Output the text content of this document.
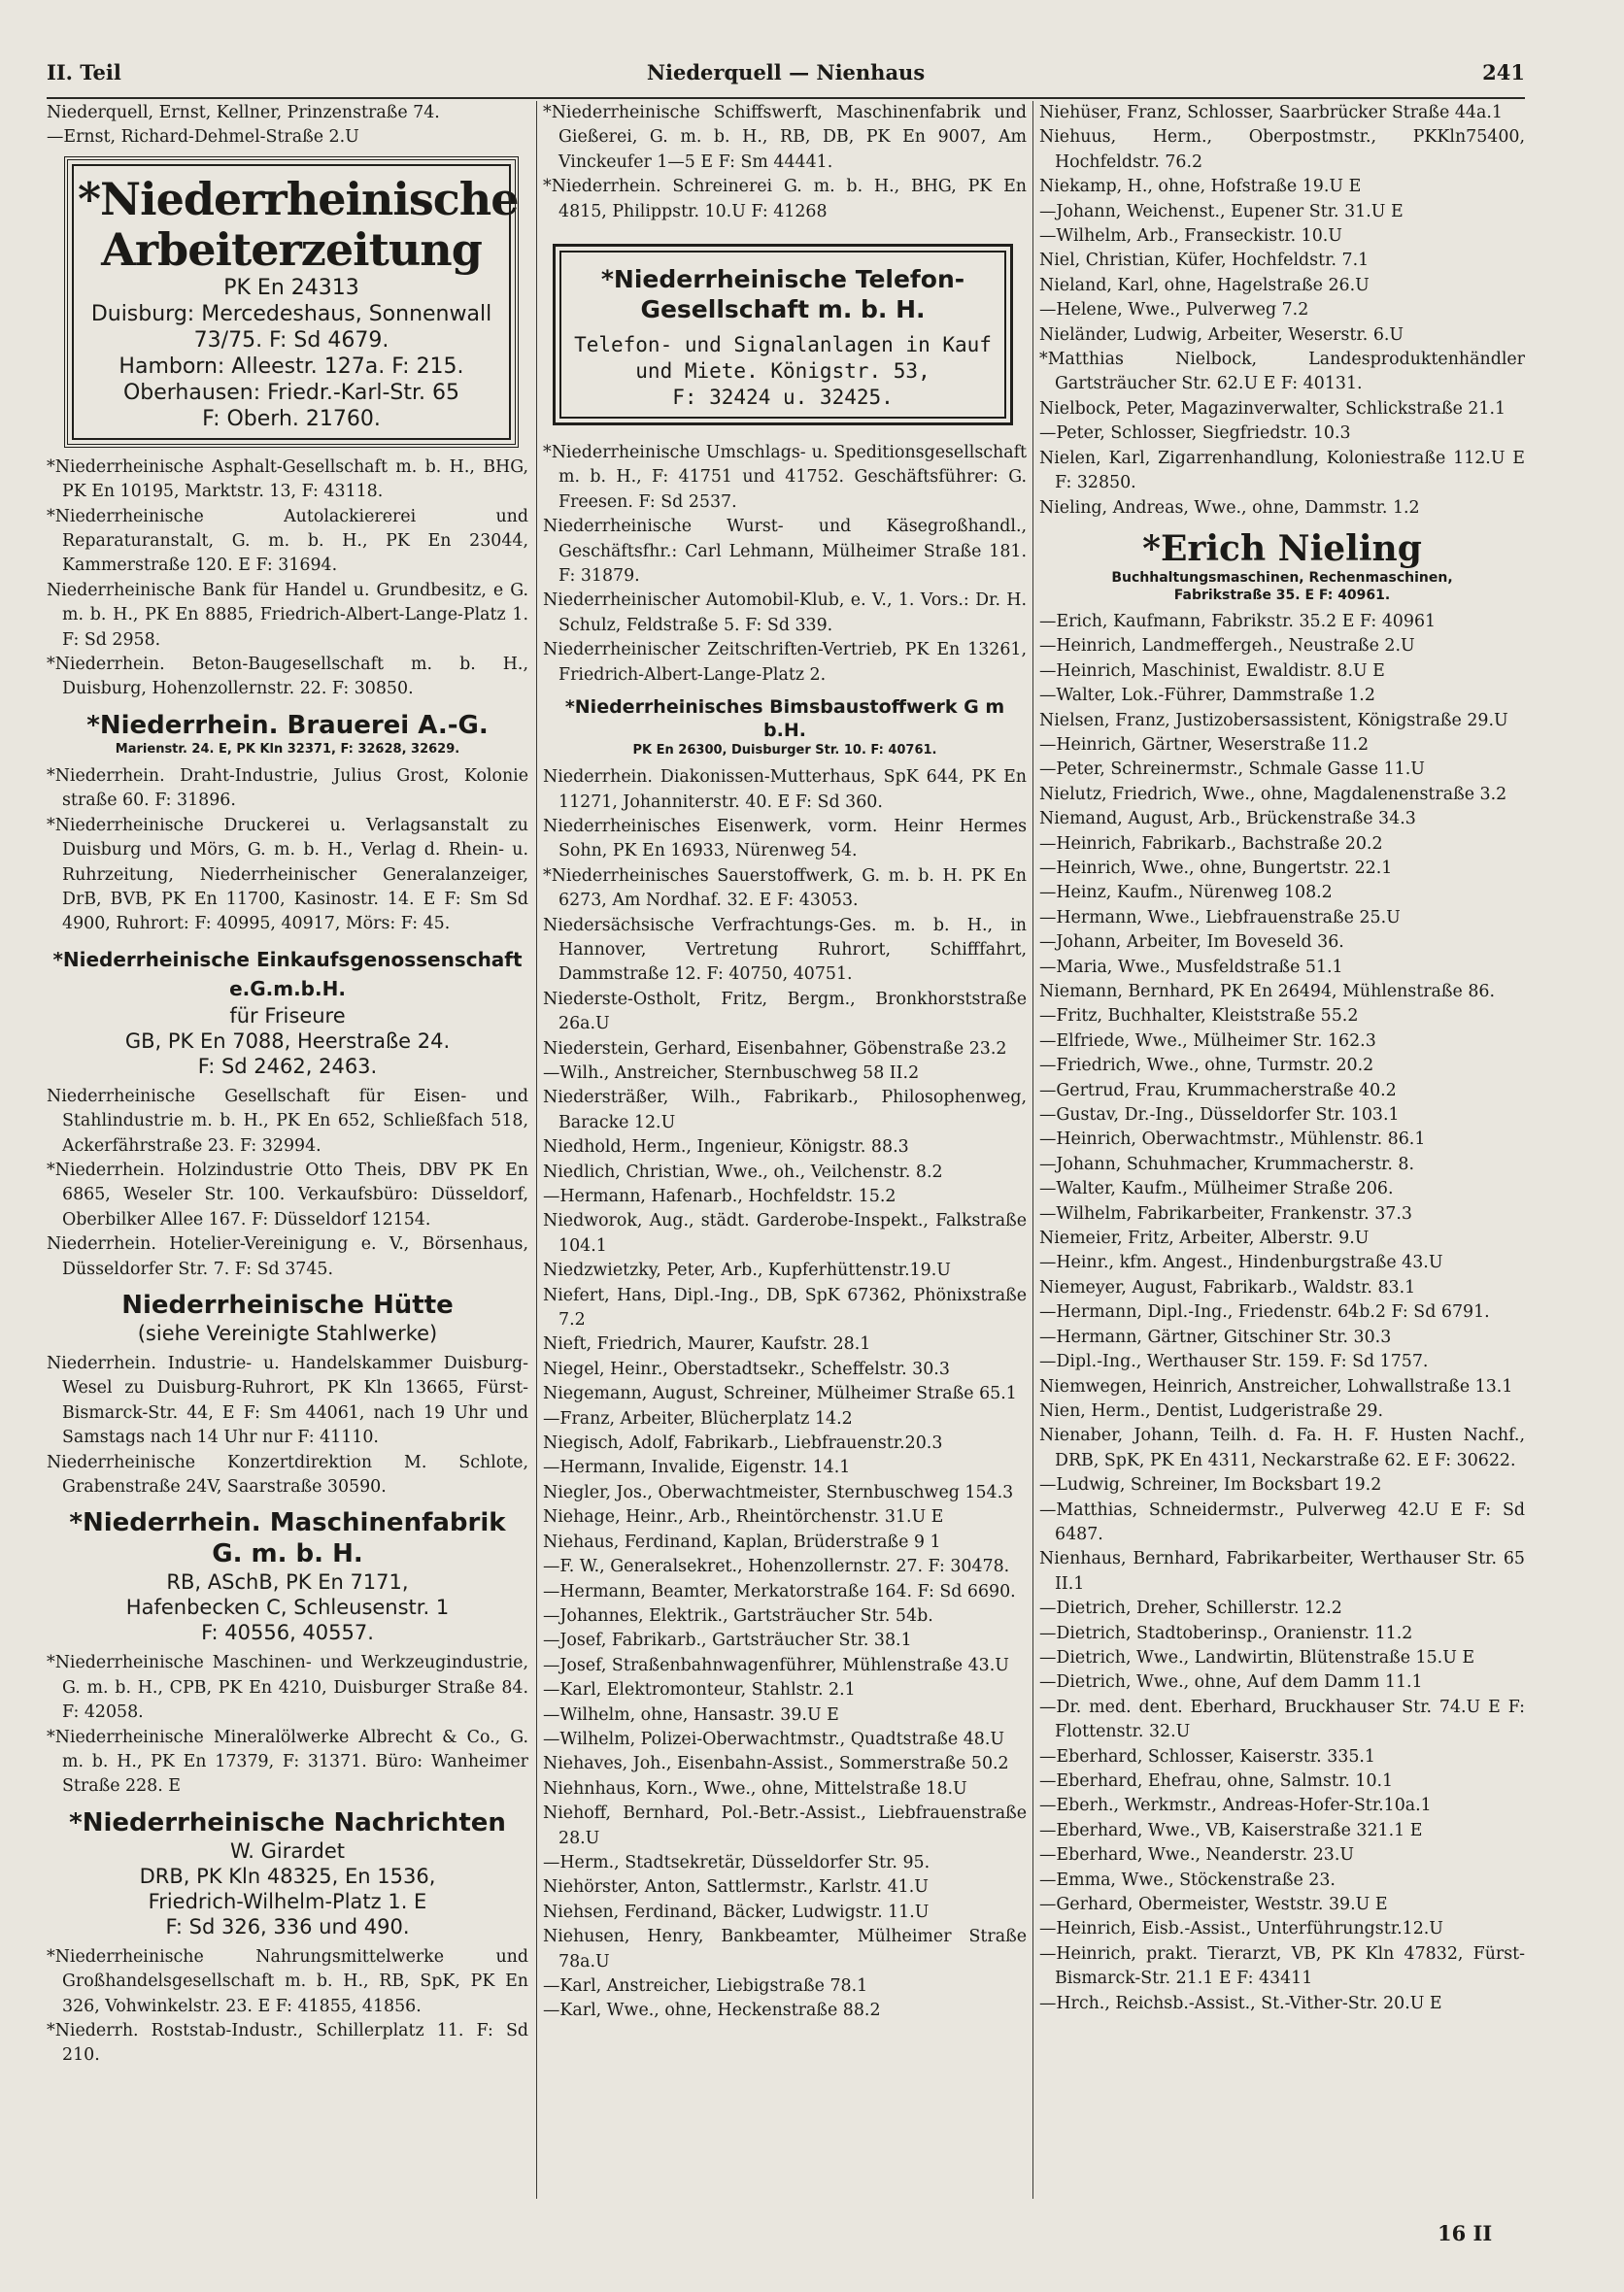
II. Teil	Niederquell — Nienhaus	241

Niederquell, Ernst, Kellner, Prinzenstraße 74.

—Ernst, Richard-Dehmel-Straße 2.U

*Niederrheinische Arbeiterzeitung
PK En 24313
Duisburg: Mercedeshaus, Sonnenwall 73/75. F: Sd 4679.
Hamborn: Alleestr. 127a. F: 215.
Oberhausen: Friedr.-Karl-Str. 65
F: Oberh. 21760.

*Niederrheinische Asphalt-Gesellschaft m. b. H., BHG, PK En 10195, Marktstr. 13, F: 43118.

*Niederrheinische Autolackiererei und Reparaturanstalt, G. m. b. H., PK En 23044, Kammerstraße 120. E F: 31694.

Niederrheinische Bank für Handel u. Grundbesitz, e G. m. b. H., PK En 8885, Friedrich-Albert-Lange-Platz 1. F: Sd 2958.

*Niederrhein. Beton-Baugesellschaft m. b. H., Duisburg, Hohenzollernstr. 22. F: 30850.

*Niederrhein. Brauerei A.-G.
Marienstr. 24. E, PK Kln 32371, F: 32628, 32629.

*Niederrhein. Draht-Industrie, Julius Grost, Kolonie straße 60. F: 31896.

*Niederrheinische Druckerei u. Verlagsanstalt zu Duisburg und Mörs, G. m. b. H., Verlag d. Rhein- u. Ruhrzeitung, Niederrheinischer Generalanzeiger, DrB, BVB, PK En 11700, Kasinostr. 14. E F: Sm Sd 4900, Ruhrort: F: 40995, 40917, Mörs: F: 45.

*Niederrheinische Einkaufsgenossenschaft e.G.m.b.H.
für Friseure
GB, PK En 7088, Heerstraße 24.
F: Sd 2462, 2463.

Niederrheinische Gesellschaft für Eisen- und Stahlindustrie m. b. H., PK En 652, Schließfach 518, Ackerfährstraße 23. F: 32994.

*Niederrhein. Holzindustrie Otto Theis, DBV PK En 6865, Weseler Str. 100. Verkaufsbüro: Düsseldorf, Oberbilker Allee 167. F: Düsseldorf 12154.

Niederrhein. Hotelier-Vereinigung e. V., Börsenhaus, Düsseldorfer Str. 7. F: Sd 3745.

Niederrheinische Hütte
(siehe Vereinigte Stahlwerke)

Niederrhein. Industrie- u. Handelskammer Duisburg-Wesel zu Duisburg-Ruhrort, PK Kln 13665, Fürst-Bismarck-Str. 44, E F: Sm 44061, nach 19 Uhr und Samstags nach 14 Uhr nur F: 41110.

Niederrheinische Konzertdirektion M. Schlote, Grabenstraße 24V, Saarstraße 30590.

*Niederrhein. Maschinenfabrik
G. m. b. H.
RB, ASchB, PK En 7171,
Hafenbecken C, Schleusenstr. 1
F: 40556, 40557.

*Niederrheinische Maschinen- und Werkzeugindustrie, G. m. b. H., CPB, PK En 4210, Duisburger Straße 84. F: 42058.

*Niederrheinische Mineralölwerke Albrecht & Co., G. m. b. H., PK En 17379, F: 31371. Büro: Wanheimer Straße 228. E

*Niederrheinische Nachrichten
W. Girardet
DRB, PK Kln 48325, En 1536,
Friedrich-Wilhelm-Platz 1. E
F: Sd 326, 336 und 490.

*Niederrheinische Nahrungsmittelwerke und Großhandelsgesellschaft m. b. H., RB, SpK, PK En 326, Vohwinkelstr. 23. E F: 41855, 41856.

*Niederrh. Roststab-Industr., Schillerplatz 11. F: Sd 210.

*Niederrheinische Schiffswerft, Maschinenfabrik und Gießerei, G. m. b. H., RB, DB, PK En 9007, Am Vinckeufer 1—5 E F: Sm 44441.

*Niederrhein. Schreinerei G. m. b. H., BHG, PK En 4815, Philippstr. 10.U F: 41268

*Niederrheinische Telefon-Gesellschaft m. b. H.
Telefon- und Signalanlagen in Kauf und Miete. Königstr. 53,
F: 32424 u. 32425.

*Niederrheinische Umschlags- u. Speditionsgesellschaft m. b. H., F: 41751 und 41752. Geschäftsführer: G. Freesen. F: Sd 2537.

Niederrheinische Wurst- und Käsegroßhandl., Geschäftsfhr.: Carl Lehmann, Mülheimer Straße 181. F: 31879.

Niederrheinischer Automobil-Klub, e. V., 1. Vors.: Dr. H. Schulz, Feldstraße 5. F: Sd 339.

Niederrheinischer Zeitschriften-Vertrieb, PK En 13261, Friedrich-Albert-Lange-Platz 2.

*Niederrheinisches Bimsbaustoffwerk G m b.H.
PK En 26300, Duisburger Str. 10. F: 40761.

Niederrhein. Diakonissen-Mutterhaus, SpK 644, PK En 11271, Johanniterstr. 40. E F: Sd 360.

Niederrheinisches Eisenwerk, vorm. Heinr Hermes Sohn, PK En 16933, Nürenweg 54.

*Niederrheinisches Sauerstoffwerk, G. m. b. H. PK En 6273, Am Nordhaf. 32. E F: 43053.

Niedersächsische Verfrachtungs-Ges. m. b. H., in Hannover, Vertretung Ruhrort, Schifffahrt, Dammstraße 12. F: 40750, 40751.

Niederste-Ostholt, Fritz, Bergm., Bronkhorststraße 26a.U

Niederstein, Gerhard, Eisenbahner, Göbenstraße 23.2

—Wilh., Anstreicher, Sternbuschweg 58 II.2

Niedersträßer, Wilh., Fabrikarb., Philosophenweg, Baracke 12.U

Niedhold, Herm., Ingenieur, Königstr. 88.3

Niedlich, Christian, Wwe., oh., Veilchenstr. 8.2

—Hermann, Hafenarb., Hochfeldstr. 15.2

Niedworok, Aug., städt. Garderobe-Inspekt., Falkstraße 104.1

Niedzwietzky, Peter, Arb., Kupferhüttenstr.19.U

Niefert, Hans, Dipl.-Ing., DB, SpK 67362, Phönixstraße 7.2

Nieft, Friedrich, Maurer, Kaufstr. 28.1

Niegel, Heinr., Oberstadtsekr., Scheffelstr. 30.3

Niegemann, August, Schreiner, Mülheimer Straße 65.1

—Franz, Arbeiter, Blücherplatz 14.2

Niegisch, Adolf, Fabrikarb., Liebfrauenstr.20.3

—Hermann, Invalide, Eigenstr. 14.1

Niegler, Jos., Oberwachtmeister, Sternbuschweg 154.3

Niehage, Heinr., Arb., Rheintörchenstr. 31.U E

Niehaus, Ferdinand, Kaplan, Brüderstraße 9 1

—F. W., Generalsekret., Hohenzollernstr. 27. F: 30478.

—Hermann, Beamter, Merkatorstraße 164. F: Sd 6690.

—Johannes, Elektrik., Gartsträucher Str. 54b.

—Josef, Fabrikarb., Gartsträucher Str. 38.1

—Josef, Straßenbahnwagenführer, Mühlenstraße 43.U

—Karl, Elektromonteur, Stahlstr. 2.1

—Wilhelm, ohne, Hansastr. 39.U E

—Wilhelm, Polizei-Oberwachtmstr., Quadtstraße 48.U

Niehaves, Joh., Eisenbahn-Assist., Sommerstraße 50.2

Niehnhaus, Korn., Wwe., ohne, Mittelstraße 18.U

Niehoff, Bernhard, Pol.-Betr.-Assist., Liebfrauenstraße 28.U

—Herm., Stadtsekretär, Düsseldorfer Str. 95.

Niehörster, Anton, Sattlermstr., Karlstr. 41.U

Niehsen, Ferdinand, Bäcker, Ludwigstr. 11.U

Niehusen, Henry, Bankbeamter, Mülheimer Straße 78a.U

—Karl, Anstreicher, Liebigstraße 78.1

—Karl, Wwe., ohne, Heckenstraße 88.2

Niehüser, Franz, Schlosser, Saarbrücker Straße 44a.1

Niehuus, Herm., Oberpostmstr., PKKln75400, Hochfeldstr. 76.2

Niekamp, H., ohne, Hofstraße 19.U E

—Johann, Weichenst., Eupener Str. 31.U E

—Wilhelm, Arb., Franseckistr. 10.U

Niel, Christian, Küfer, Hochfeldstr. 7.1

Nieland, Karl, ohne, Hagelstraße 26.U

—Helene, Wwe., Pulverweg 7.2

Nieländer, Ludwig, Arbeiter, Weserstr. 6.U

*Matthias Nielbock, Landesproduktenhändler Gartsträucher Str. 62.U E F: 40131.

Nielbock, Peter, Magazinverwalter, Schlickstraße 21.1

—Peter, Schlosser, Siegfriedstr. 10.3

Nielen, Karl, Zigarrenhandlung, Koloniestraße 112.U E F: 32850.

Nieling, Andreas, Wwe., ohne, Dammstr. 1.2

*Erich Nieling
Buchhaltungsmaschinen, Rechenmaschinen,
Fabrikstraße 35. E F: 40961.

—Erich, Kaufmann, Fabrikstr. 35.2 E F: 40961

—Heinrich, Landmeffergeh., Neustraße 2.U

—Heinrich, Maschinist, Ewaldistr. 8.U E

—Walter, Lok.-Führer, Dammstraße 1.2

Nielsen, Franz, Justizobersassistent, Königstraße 29.U

—Heinrich, Gärtner, Weserstraße 11.2

—Peter, Schreinermstr., Schmale Gasse 11.U

Nielutz, Friedrich, Wwe., ohne, Magdalenenstraße 3.2

Niemand, August, Arb., Brückenstraße 34.3

—Heinrich, Fabrikarb., Bachstraße 20.2

—Heinrich, Wwe., ohne, Bungertstr. 22.1

—Heinz, Kaufm., Nürenweg 108.2

—Hermann, Wwe., Liebfrauenstraße 25.U

—Johann, Arbeiter, Im Boveseld 36.

—Maria, Wwe., Musfeldstraße 51.1

Niemann, Bernhard, PK En 26494, Mühlenstraße 86.

—Fritz, Buchhalter, Kleiststraße 55.2

—Elfriede, Wwe., Mülheimer Str. 162.3

—Friedrich, Wwe., ohne, Turmstr. 20.2

—Gertrud, Frau, Krummacherstraße 40.2

—Gustav, Dr.-Ing., Düsseldorfer Str. 103.1

—Heinrich, Oberwachtmstr., Mühlenstr. 86.1

—Johann, Schuhmacher, Krummacherstr. 8.

—Walter, Kaufm., Mülheimer Straße 206.

—Wilhelm, Fabrikarbeiter, Frankenstr. 37.3

Niemeier, Fritz, Arbeiter, Alberstr. 9.U

—Heinr., kfm. Angest., Hindenburgstraße 43.U

Niemeyer, August, Fabrikarb., Waldstr. 83.1

—Hermann, Dipl.-Ing., Friedenstr. 64b.2 F: Sd 6791.

—Hermann, Gärtner, Gitschiner Str. 30.3

—Dipl.-Ing., Werthauser Str. 159. F: Sd 1757.

Niemwegen, Heinrich, Anstreicher, Lohwallstraße 13.1

Nien, Herm., Dentist, Ludgeristraße 29.

Nienaber, Johann, Teilh. d. Fa. H. F. Husten Nachf., DRB, SpK, PK En 4311, Neckarstraße 62. E F: 30622.

—Ludwig, Schreiner, Im Bocksbart 19.2

—Matthias, Schneidermstr., Pulverweg 42.U E F: Sd 6487.

Nienhaus, Bernhard, Fabrikarbeiter, Werthauser Str. 65 II.1

—Dietrich, Dreher, Schillerstr. 12.2

—Dietrich, Stadtoberinsp., Oranienstr. 11.2

—Dietrich, Wwe., Landwirtin, Blütenstraße 15.U E

—Dietrich, Wwe., ohne, Auf dem Damm 11.1

—Dr. med. dent. Eberhard, Bruckhauser Str. 74.U E F: Flottenstr. 32.U

—Eberhard, Schlosser, Kaiserstr. 335.1

—Eberhard, Ehefrau, ohne, Salmstr. 10.1

—Eberh., Werkmstr., Andreas-Hofer-Str.10a.1

—Eberhard, Wwe., VB, Kaiserstraße 321.1 E

—Eberhard, Wwe., Neanderstr. 23.U

—Emma, Wwe., Stöckenstraße 23.

—Gerhard, Obermeister, Weststr. 39.U E

—Heinrich, Eisb.-Assist., Unterführungstr.12.U

—Heinrich, prakt. Tierarzt, VB, PK Kln 47832, Fürst-Bismarck-Str. 21.1 E F: 43411

—Hrch., Reichsb.-Assist., St.-Vither-Str. 20.U E

16 II
